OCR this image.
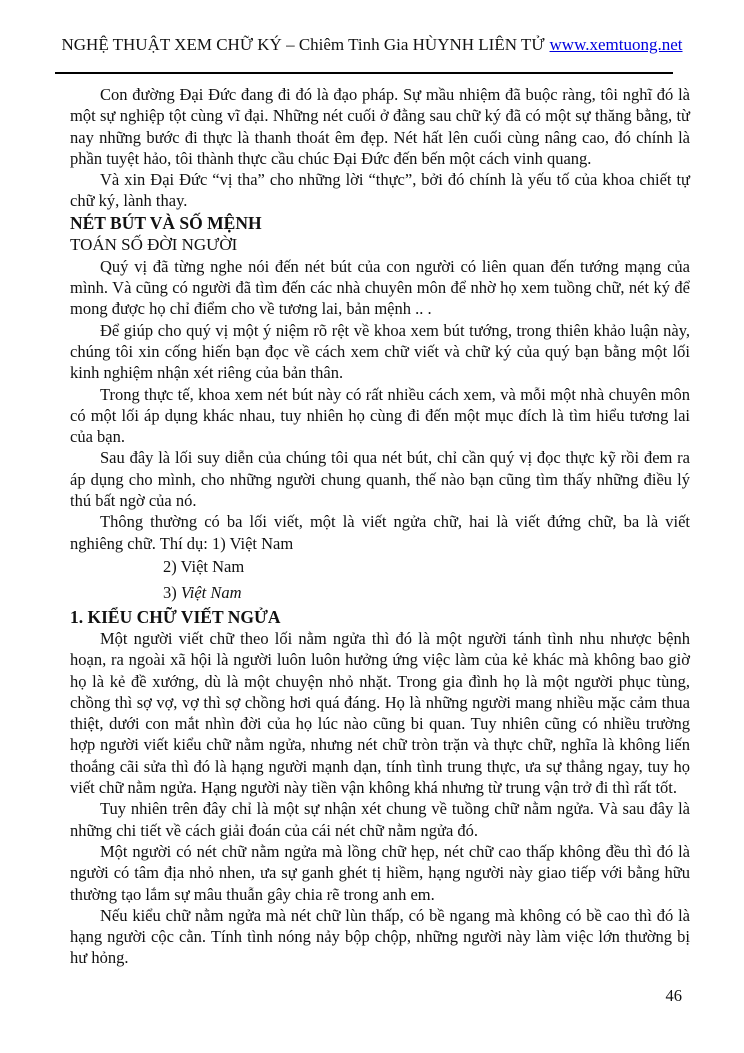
NGHỆ THUẬT XEM CHỮ KÝ – Chiêm Tinh Gia HÙYNH LIÊN TỬ www.xemtuong.net

Con đường Đại Đức đang đi đó là đạo pháp. Sự mầu nhiệm đã buộc ràng, tôi nghĩ đó là một sự nghiệp tột cùng vĩ đại. Những nét cuối ở đằng sau chữ ký đã có một sự thăng bằng, từ nay những bước đi thực là thanh thoát êm đẹp. Nét hất lên cuối cùng nâng cao, đó chính là phần tuyệt hảo, tôi thành thực cầu chúc Đại Đức đến bến một cách vinh quang.

Và xin Đại Đức “vị tha” cho những lời “thực”, bởi đó chính là yếu tố của khoa chiết tự chữ ký, lành thay.

NÉT BÚT VÀ SỐ MỆNH

TOÁN SỐ ĐỜI NGƯỜI

Quý vị đã từng nghe nói đến nét bút của con người có liên quan đến tướng mạng của mình. Và cũng có người đã tìm đến các nhà chuyên môn để nhờ họ xem tuồng chữ, nét ký để mong được họ chỉ điểm cho về tương lai, bản mệnh .. .

Để giúp cho quý vị một ý niệm rõ rệt về khoa xem bút tướng, trong thiên khảo luận này, chúng tôi xin cống hiến bạn đọc về cách xem chữ viết và chữ ký của quý bạn bằng một lối kinh nghiệm nhận xét riêng của bản thân.

Trong thực tế, khoa xem nét bút này có rất nhiều cách xem, và mỗi một nhà chuyên môn có một lối áp dụng khác nhau, tuy nhiên họ cùng đi đến một mục đích là tìm hiểu tương lai của bạn.

Sau đây là lối suy diễn của chúng tôi qua nét bút, chỉ cần quý vị đọc thực kỹ rồi đem ra áp dụng cho mình, cho những người chung quanh, thế nào bạn cũng tìm thấy những điều lý thú bất ngờ của nó.

Thông thường có ba lối viết, một là viết ngửa chữ, hai là viết đứng chữ, ba là viết nghiêng chữ. Thí dụ: 1) Việt Nam

2) Việt Nam
3) Việt Nam

1. KIỂU CHỮ VIẾT NGỬA

Một người viết chữ theo lối nằm ngửa thì đó là một người tánh tình nhu nhược bệnh hoạn, ra ngoài xã hội là người luôn luôn hưởng ứng việc làm của kẻ khác mà không bao giờ họ là kẻ đề xướng, dù là một chuyện nhỏ nhặt. Trong gia đình họ là một người phục tùng, chồng thì sợ vợ, vợ thì sợ chồng hơi quá đáng. Họ là những người mang nhiều mặc cảm thua thiệt, dưới con mắt nhìn đời của họ lúc nào cũng bi quan. Tuy nhiên cũng có nhiều trường hợp người viết kiểu chữ nằm ngửa, nhưng nét chữ tròn trặn và thực chữ, nghĩa là không liến thoắng cãi sửa thì đó là hạng người mạnh dạn, tính tình trung thực, ưa sự thẳng ngay, tuy họ viết chữ nằm ngửa. Hạng người này tiền vận không khá nhưng từ trung vận trở đi thì rất tốt.

Tuy nhiên trên đây chỉ là một sự nhận xét chung về tuồng chữ nằm ngửa. Và sau đây là những chi tiết về cách giải đoán của cái nét chữ nằm ngửa đó.

Một người có nét chữ nằm ngửa mà lồng chữ hẹp, nét chữ cao thấp không đều thì đó là người có tâm địa nhỏ nhen, ưa sự ganh ghét tị hiềm, hạng người này giao tiếp với bằng hữu thường tạo lắm sự mâu thuẫn gây chia rẽ trong anh em.

Nếu kiểu chữ nằm ngửa mà nét chữ lùn thấp, có bề ngang mà không có bề cao thì đó là hạng người cộc cằn. Tính tình nóng nảy bộp chộp, những người này làm việc lớn thường bị hư hỏng.

46
